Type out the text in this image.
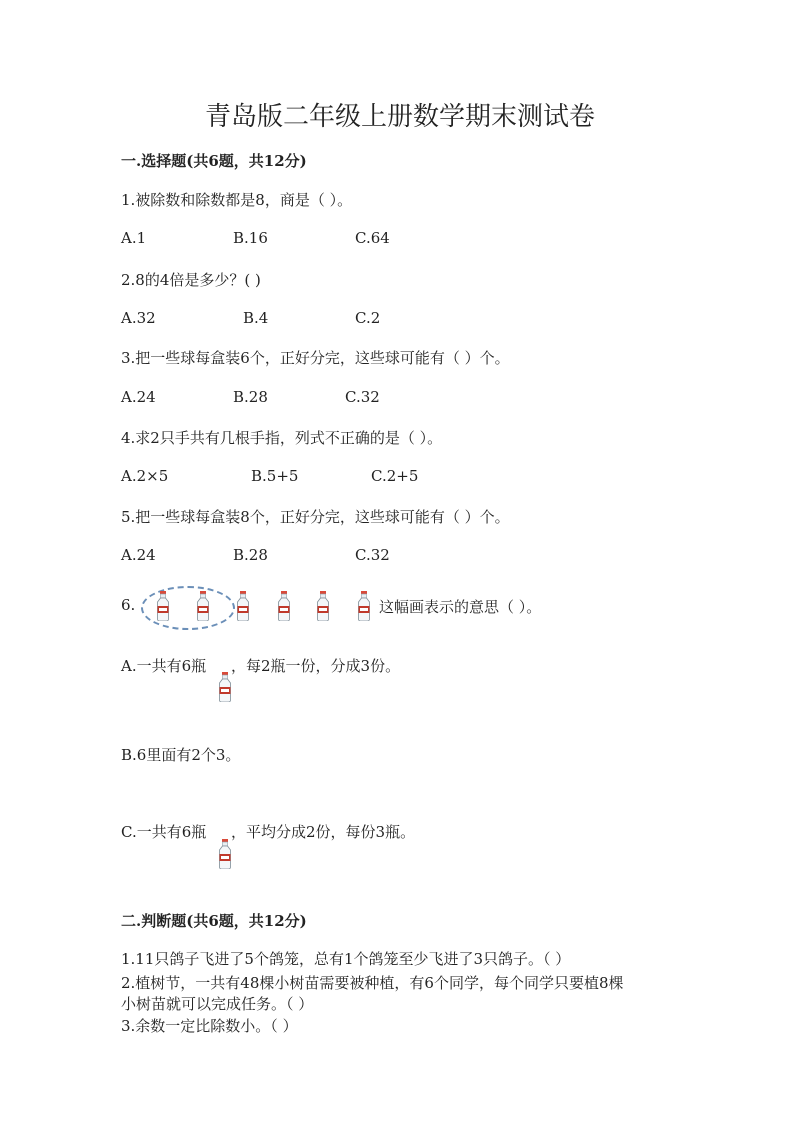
青岛版二年级上册数学期末测试卷
一.选择题(共6题，共12分)
1.被除数和除数都是8，商是（ ）。
A.1	B.16	C.64
2.8的4倍是多少？( )
A.32	B.4	C.2
3.把一些球每盒装6个，正好分完，这些球可能有（ ）个。
A.24	B.28	C.32
4.求2只手共有几根手指，列式不正确的是（ ）。
A.2×5	B.5+5	C.2+5
5.把一些球每盒装8个，正好分完，这些球可能有（ ）个。
A.24	B.28	C.32
6.	这幅画表示的意思（ ）。
A.一共有6瓶 ，每2瓶一份，分成3份。
B.6里面有2个3。
C.一共有6瓶 ，平均分成2份，每份3瓶。
二.判断题(共6题，共12分)
1.11只鸽子飞进了5个鸽笼，总有1个鸽笼至少飞进了3只鸽子。（ ）
2.植树节，一共有48棵小树苗需要被种植，有6个同学，每个同学只要植8棵
小树苗就可以完成任务。（ ）
3.余数一定比除数小。（ ）
